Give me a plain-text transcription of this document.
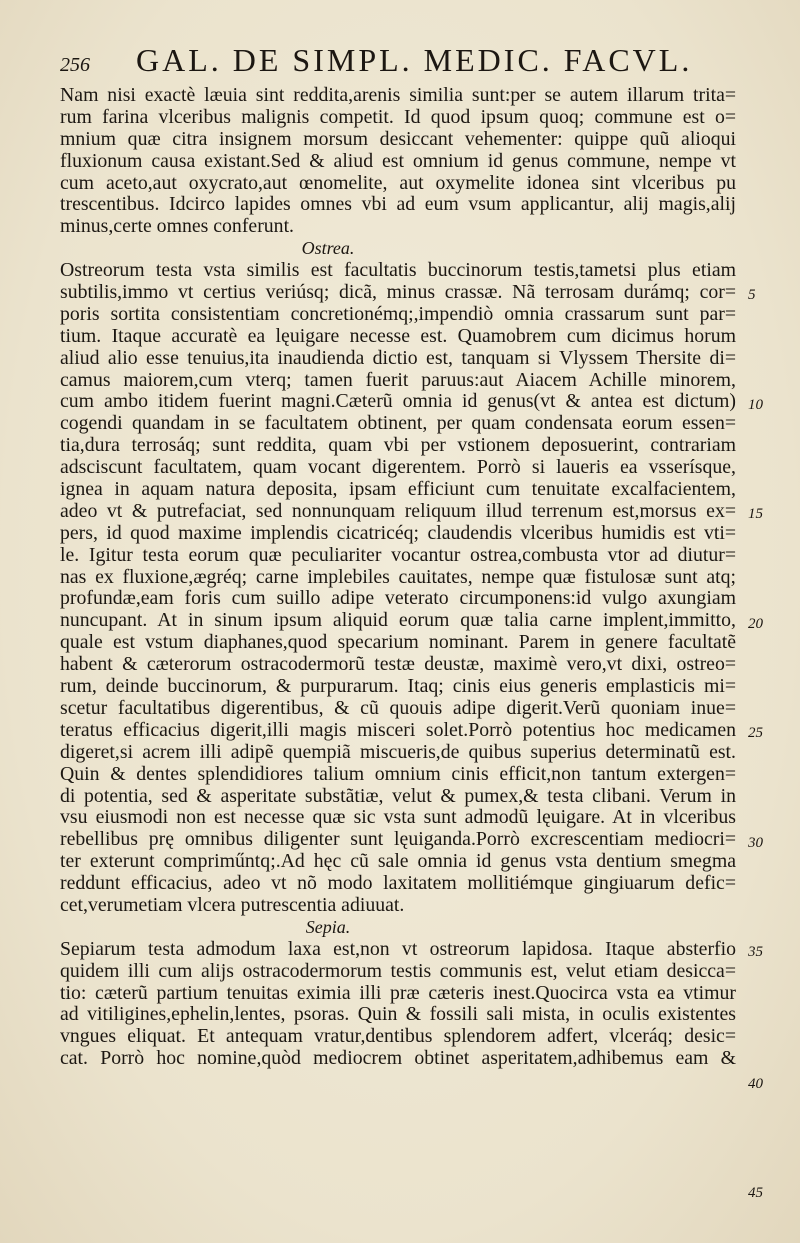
256 GAL. DE SIMPL. MEDIC. FACVL.
Nam nisi exactè læuia sint reddita,arenis similia sunt:per se autem illarum trita=
rum farina vlceribus malignis competit. Id quod ipsum quoq; commune est o=
mnium quæ citra insignem morsum desiccant vehementer: quippe quũ alioqui
fluxionum causa existant.Sed & aliud est omnium id genus commune, nempe vt
cum aceto,aut oxycrato,aut œnomelite, aut oxymelite idonea sint vlceribus pu
trescentibus. Idcirco lapides omnes vbi ad eum vsum applicantur, alij magis,alij
minus,certe omnes conferunt.
Ostrea.
Ostreorum testa vsta similis est facultatis buccinorum testis,tametsi plus etiam
subtilis,immo vt certius veriúsq; dicã, minus crassæ. Nã terrosam durámq; cor=
poris sortita consistentiam concretionémq;,impendiò omnia crassarum sunt par=
tium. Itaque accuratè ea lęuigare necesse est. Quamobrem cum dicimus horum
aliud alio esse tenuius,ita inaudienda dictio est, tanquam si Vlyssem Thersite di=
camus maiorem,cum vterq; tamen fuerit paruus:aut Aiacem Achille minorem,
cum ambo itidem fuerint magni.Cæterũ omnia id genus(vt & antea est dictum)
cogendi quandam in se facultatem obtinent, per quam condensata eorum essen=
tia,dura terrosáq; sunt reddita, quam vbi per vstionem deposuerint, contrariam
adsciscunt facultatem, quam vocant digerentem. Porrò si laueris ea vsserísque,
ignea in aquam natura deposita, ipsam efficiunt cum tenuitate excalfacientem,
adeo vt & putrefaciat, sed nonnunquam reliquum illud terrenum est,morsus ex=
pers, id quod maxime implendis cicatricéq; claudendis vlceribus humidis est vti=
le. Igitur testa eorum quæ peculiariter vocantur ostrea,combusta vtor ad diutur=
nas ex fluxione,ægréq; carne implebiles cauitates, nempe quæ fistulosæ sunt atq;
profundæ,eam foris cum suillo adipe veterato circumponens:id vulgo axungiam
nuncupant. At in sinum ipsum aliquid eorum quæ talia carne implent,immitto,
quale est vstum diaphanes,quod specarium nominant. Parem in genere facultatẽ
habent & cæterorum ostracodermorũ testæ deustæ, maximè vero,vt dixi, ostreo=
rum, deinde buccinorum, & purpurarum. Itaq; cinis eius generis emplasticis mi=
scetur facultatibus digerentibus, & cũ quouis adipe digerit.Verũ quoniam inue=
teratus efficacius digerit,illi magis misceri solet.Porrò potentius hoc medicamen
digeret,si acrem illi adipẽ quempiã miscueris,de quibus superius determinatũ est.
Quin & dentes splendidiores talium omnium cinis efficit,non tantum extergen=
di potentia, sed & asperitate substãtiæ, velut & pumex,& testa clibani. Verum in
vsu eiusmodi non est necesse quæ sic vsta sunt admodũ lęuigare. At in vlceribus
rebellibus prę omnibus diligenter sunt lęuiganda.Porrò excrescentiam mediocri=
ter exterunt compriműntq;.Ad hęc cũ sale omnia id genus vsta dentium smegma
reddunt efficacius, adeo vt nõ modo laxitatem mollitiémque gingiuarum defic=
cet,verumetiam vlcera putrescentia adiuuat.
Sepia.
Sepiarum testa admodum laxa est,non vt ostreorum lapidosa. Itaque absterfio
quidem illi cum alijs ostracodermorum testis communis est, velut etiam desicca=
tio: cæterũ partium tenuitas eximia illi præ cæteris inest.Quocirca vsta ea vtimur
ad vitiligines,ephelin,lentes, psoras. Quin & fossili sali mista, in oculis existentes
vngues eliquat. Et antequam vratur,dentibus splendorem adfert, vlceráq; desic=
cat. Porrò hoc nomine,quòd mediocrem obtinet asperitatem,adhibemus eam &
5
10
15
20
25
30
35
40
45
